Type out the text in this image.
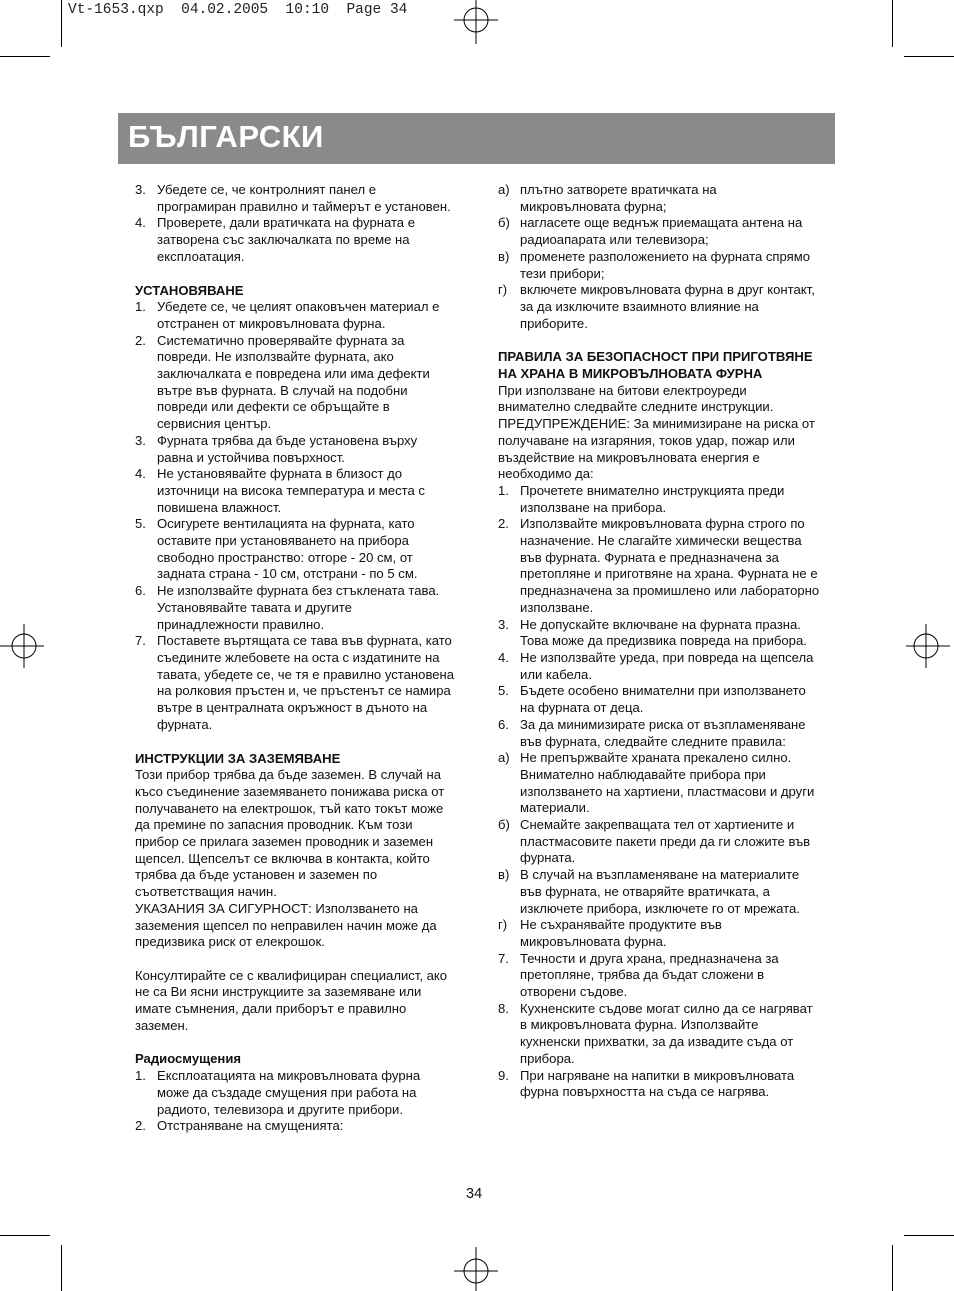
Vt-1653.qxp  04.02.2005  10:10  Page 34
БЪЛГАРСКИ
3. Убедете се, че контролният панел е програмиран правилно и таймерът е установен.
4. Проверете, дали вратичката на фурната е затворена със заключалката по време на експлоатация.
УСТАНОВЯВАНЕ
1. Убедете се, че целият опаковъчен материал е отстранен от микровълновата фурна.
2. Систематично проверявайте фурната за повреди. Не използвайте фурната, ако заключалката е повредена или има дефекти вътре във фурната. В случай на подобни повреди или дефекти се обръщайте в сервисния център.
3. Фурната трябва да бъде установена върху равна и устойчива повърхност.
4. Не установявайте фурната в близост до източници на висока температура и места с повишена влажност.
5. Осигурете вентилацията на фурната, като оставите при установяването на прибора свободно пространство: отгоре - 20 см, от задната страна - 10 см, отстрани - по 5 см.
6. Не използвайте фурната без стъклената тава. Установявайте тавата и другите принадлежности правилно.
7. Поставете въртящата се тава във фурната, като съедините жлебовете на оста с издатините на тавата, убедете се, че тя е правилно установена на ролковия пръстен и, че пръстенът се намира вътре в централната окръжност в дъното на фурната.
ИНСТРУКЦИИ ЗА ЗАЗЕМЯВАНЕ
Този прибор трябва да бъде заземен. В случай на късо съединение заземяването понижава риска от получаването на електрошок, тъй като токът може да премине по запасния проводник. Към този прибор се прилага заземен проводник и заземен щепсел. Щепселът се включва в контакта, който трябва да бъде установен и заземен по съответстващия начин.
УКАЗАНИЯ ЗА СИГУРНОСТ: Използването на заземения щепсел по неправилен начин може да предизвика риск от елекрошок.
Консултирайте се с квалифициран специалист, ако не са Ви ясни инструкциите за заземяване или имате съмнения, дали приборът е правилно заземен.
Радиосмущения
1. Експлоатацията на микровълновата фурна може да създаде смущения при работа на радиото, телевизора и другите прибори.
2. Отстраняване на смущенията:
а) плътно затворете вратичката на микровълновата фурна;
б) нагласете още веднъж приемащата антена на радиоапарата или телевизора;
в) променете разположението на фурната спрямо тези прибори;
г) включете микровълновата фурна в друг контакт, за да изключите взаимното влияние на приборите.
ПРАВИЛА ЗА БЕЗОПАСНОСТ ПРИ ПРИГОТВЯНЕ НА ХРАНА В МИКРОВЪЛНОВАТА ФУРНА
При използване на битови електроуреди внимателно следвайте следните инструкции.
ПРЕДУПРЕЖДЕНИЕ: За минимизиране на риска от получаване на изгаряния, токов удар, пожар или въздействие на микровълновата енергия е необходимо да:
1. Прочетете внимателно инструкцията преди използване на прибора.
2. Използвайте микровълновата фурна строго по назначение. Не слагайте химически вещества във фурната. Фурната е предназначена за претопляне и приготвяне на храна. Фурната не е предназначена за промишлено или лабораторно използване.
3. Не допускайте включване на фурната празна. Това може да предизвика повреда на прибора.
4. Не използвайте уреда, при повреда на щепсела или кабела.
5. Бъдете особено внимателни при използването на фурната от деца.
6. За да минимизирате риска от възпламеняване във фурната, следвайте следните правила:
а) Не препържвайте храната прекалено силно. Внимателно наблюдавайте прибора при използването на хартиени, пластмасови и други материали.
б) Снемайте закрепващата тел от хартиените и пластмасовите пакети преди да ги сложите във фурната.
в) В случай на възпламеняване на материалите във фурната, не отваряйте вратичката, а изключете прибора, изключете го от мрежата.
г) Не съхранявайте продуктите във микровълновата фурна.
7. Течности и друга храна, предназначена за претопляне, трябва да бъдат сложени в отворени съдове.
8. Кухненските съдове могат силно да се нагряват в микровълновата фурна. Използвайте кухненски прихватки, за да извадите съда от прибора.
9. При нагряване на напитки в микровълновата фурна повърхността на съда се нагрява.
34
